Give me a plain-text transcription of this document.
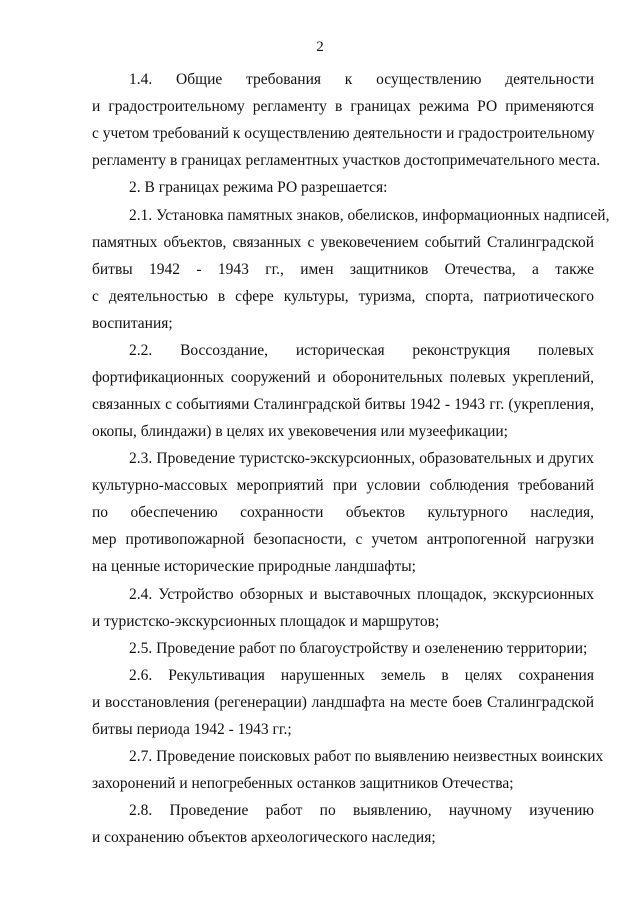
2
1.4. Общие требования к осуществлению деятельности
и градостроительному регламенту в границах режима РО применяются
с учетом требований к осуществлению деятельности и градостроительному
регламенту в границах регламентных участков достопримечательного места.
2. В границах режима РО разрешается:
2.1. Установка памятных знаков, обелисков, информационных надписей,
памятных объектов, связанных с увековечением событий Сталинградской
битвы 1942 - 1943 гг., имен защитников Отечества, а также
с деятельностью в сфере культуры, туризма, спорта, патриотического
воспитания;
2.2. Воссоздание, историческая реконструкция полевых
фортификационных сооружений и оборонительных полевых укреплений,
связанных с событиями Сталинградской битвы 1942 - 1943 гг. (укрепления,
окопы, блиндажи) в целях их увековечения или музеефикации;
2.3. Проведение туристско-экскурсионных, образовательных и других
культурно-массовых мероприятий при условии соблюдения требований
по обеспечению сохранности объектов культурного наследия,
мер противопожарной безопасности, с учетом антропогенной нагрузки
на ценные исторические природные ландшафты;
2.4. Устройство обзорных и выставочных площадок, экскурсионных
и туристско-экскурсионных площадок и маршрутов;
2.5. Проведение работ по благоустройству и озеленению территории;
2.6. Рекультивация нарушенных земель в целях сохранения
и восстановления (регенерации) ландшафта на месте боев Сталинградской
битвы периода 1942 - 1943 гг.;
2.7. Проведение поисковых работ по выявлению неизвестных воинских
захоронений и непогребенных останков защитников Отечества;
2.8. Проведение работ по выявлению, научному изучению
и сохранению объектов археологического наследия;
